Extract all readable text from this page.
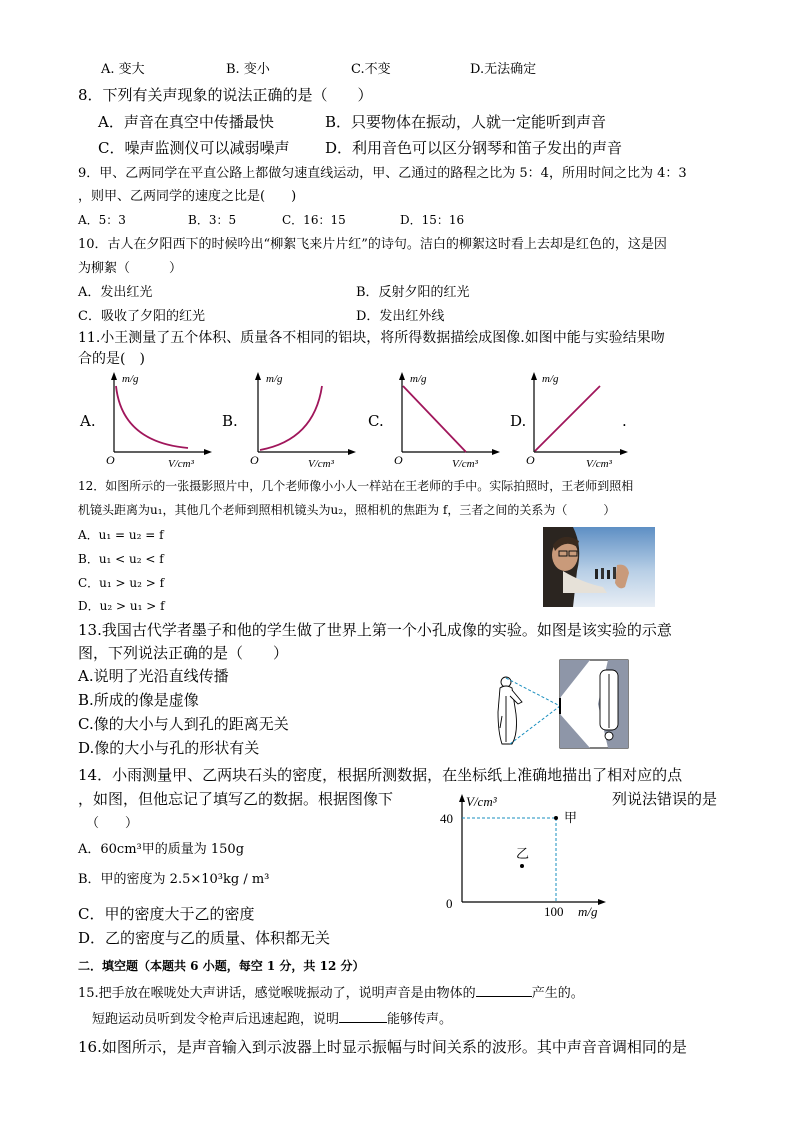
A. 变大	B. 变小	C.不变	D.无法确定
8．下列有关声现象的说法正确的是（　　）
A．声音在真空中传播最快	B．只要物体在振动，人就一定能听到声音
C．噪声监测仪可以减弱噪声 D．利用音色可以区分钢琴和笛子发出的声音
9．甲、乙两同学在平直公路上都做匀速直线运动，甲、乙通过的路程之比为 5：4，所用时间之比为 4：3
，则甲、乙两同学的速度之比是(　　)
A．5：3	B．3：5	C．16：15	D．15：16
10．古人在夕阳西下的时候吟出“柳絮飞来片片红”的诗句。洁白的柳絮这时看上去却是红色的，这是因
为柳絮（　　　）
A．发出红光	B．反射夕阳的红光
C．吸收了夕阳的红光	D．发出红外线
11.小王测量了五个体积、质量各不相同的铝块，将所得数据描绘成图像.如图中能与实验结果吻
合的是(　)
A.	B.	C.	D.	.
m/g
O	V/cm³
m/g
O	V/cm³
m/g
O	V/cm³
m/g
O	V/cm³
12．如图所示的一张摄影照片中，几个老师像小小人一样站在王老师的手中。实际拍照时，王老师到照相
机镜头距离为u₁，其他几个老师到照相机镜头为u₂，照相机的焦距为 f，三者之间的关系为（　　　）
A．u₁ = u₂ = f
B．u₁ < u₂ < f
C．u₁ > u₂ > f
D．u₂ > u₁ > f
13.我国古代学者墨子和他的学生做了世界上第一个小孔成像的实验。如图是该实验的示意
图，下列说法正确的是（　　）
A.说明了光沿直线传播
B.所成的像是虚像
C.像的大小与人到孔的距离无关
D.像的大小与孔的形状有关
14．小雨测量甲、乙两块石头的密度，根据所测数据，在坐标纸上准确地描出了相对应的点
，如图，但他忘记了填写乙的数据。根据图像下	列说法错误的是
（　　）
A．60cm³甲的质量为 150g
B．甲的密度为 2.5×10³kg / m³
C．甲的密度大于乙的密度
D．乙的密度与乙的质量、体积都无关
V/cm³
40
0
100 m/g
甲
乙
二．填空题（本题共 6 小题，每空 1 分，共 12 分）
15.把手放在喉咙处大声讲话，感觉喉咙振动了，说明声音是由物体的	产生的。
短跑运动员听到发令枪声后迅速起跑，说明	能够传声。
16.如图所示，是声音输入到示波器上时显示振幅与时间关系的波形。其中声音音调相同的是
